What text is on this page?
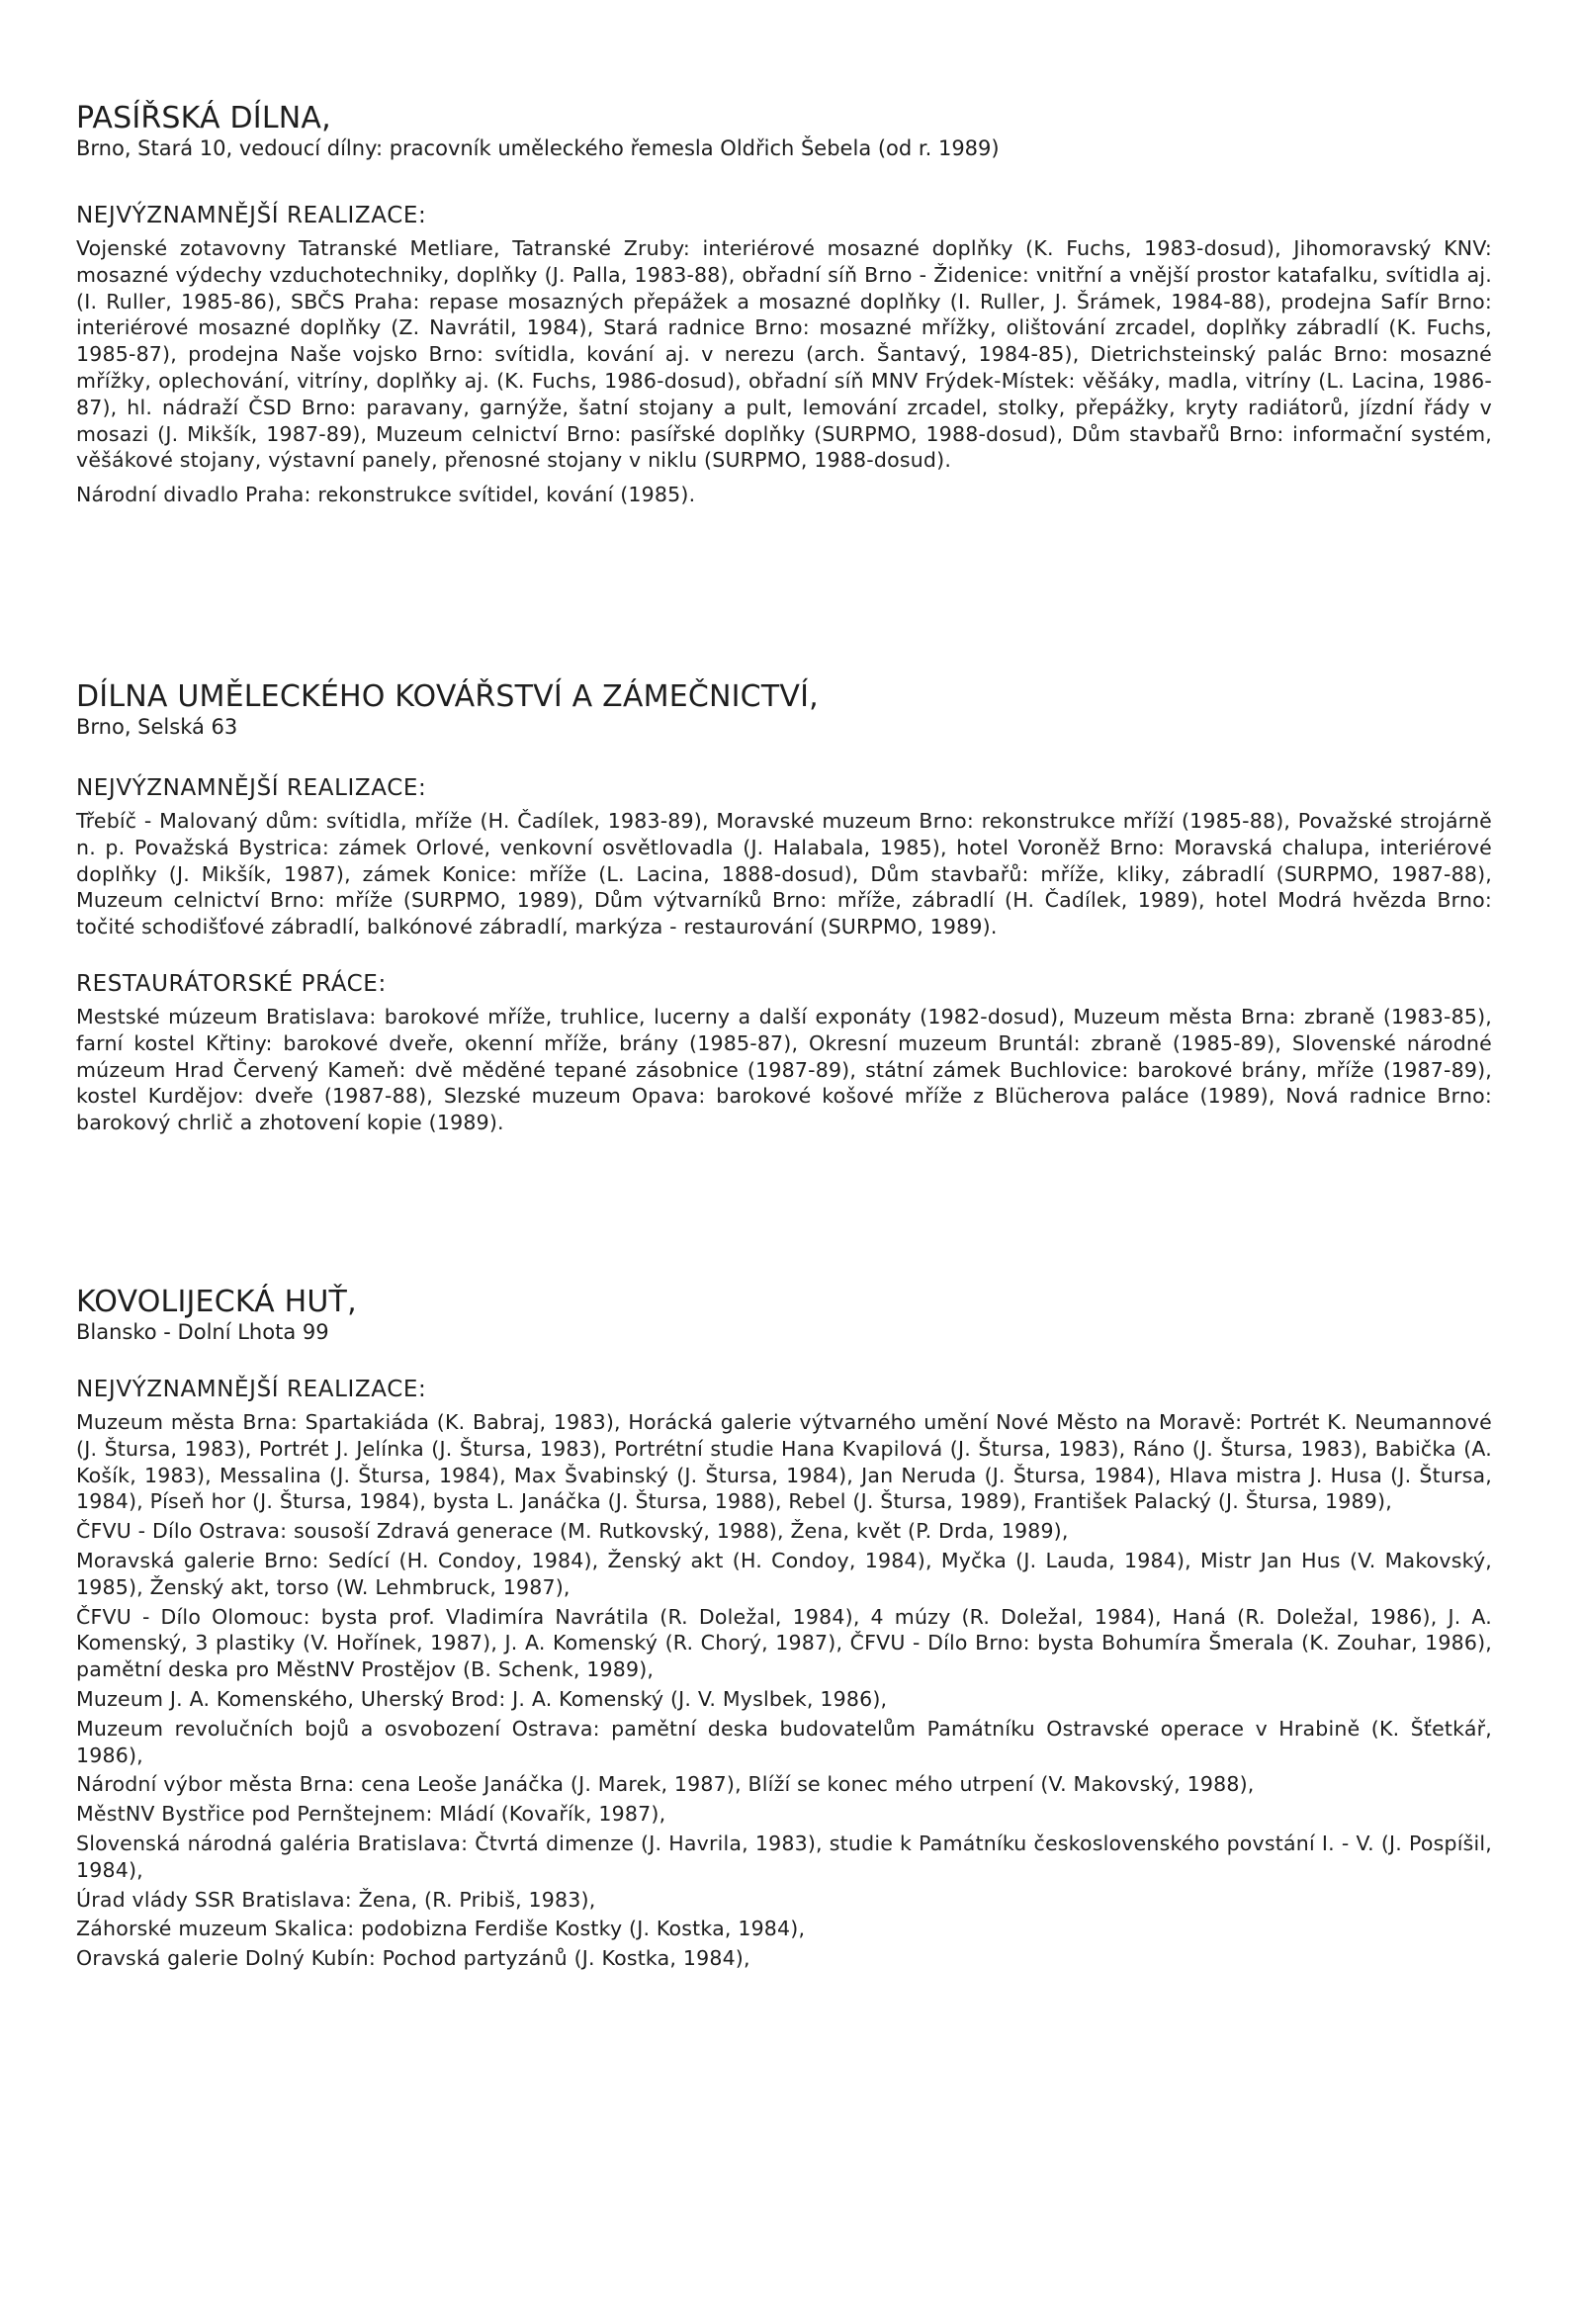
PASÍŘSKÁ DÍLNA,

Brno, Stará 10, vedoucí dílny: pracovník uměleckého řemesla Oldřich Šebela (od r. 1989)

NEJVÝZNAMNĚJŠÍ REALIZACE:

Vojenské zotavovny Tatranské Metliare, Tatranské Zruby: interiérové mosazné doplňky (K. Fuchs, 1983-dosud), Jihomoravský KNV: mosazné výdechy vzduchotechniky, doplňky (J. Palla, 1983-88), obřadní síň Brno - Židenice: vnitřní a vnější prostor katafalku, svítidla aj. (I. Ruller, 1985-86), SBČS Praha: repase mosazných přepážek a mosazné doplňky (I. Ruller, J. Šrámek, 1984-88), prodejna Safír Brno: interiérové mosazné doplňky (Z. Navrátil, 1984), Stará radnice Brno: mosazné mřížky, olištování zrcadel, doplňky zábradlí (K. Fuchs, 1985-87), prodejna Naše vojsko Brno: svítidla, kování aj. v nerezu (arch. Šantavý, 1984-85), Dietrichsteinský palác Brno: mosazné mřížky, oplechování, vitríny, doplňky aj. (K. Fuchs, 1986-dosud), obřadní síň MNV Frýdek-Místek: věšáky, madla, vitríny (L. Lacina, 1986-87), hl. nádraží ČSD Brno: paravany, garnýže, šatní stojany a pult, lemování zrcadel, stolky, přepážky, kryty radiátorů, jízdní řády v mosazi (J. Mikšík, 1987-89), Muzeum celnictví Brno: pasířské doplňky (SURPMO, 1988-dosud), Dům stavbařů Brno: informační systém, věšákové stojany, výstavní panely, přenosné stojany v niklu (SURPMO, 1988-dosud).

Národní divadlo Praha: rekonstrukce svítidel, kování (1985).

DÍLNA UMĚLECKÉHO KOVÁŘSTVÍ A ZÁMEČNICTVÍ,

Brno, Selská 63

NEJVÝZNAMNĚJŠÍ REALIZACE:

Třebíč - Malovaný dům: svítidla, mříže (H. Čadílek, 1983-89), Moravské muzeum Brno: rekonstrukce mříží (1985-88), Považské strojárně n. p. Považská Bystrica: zámek Orlové, venkovní osvětlovadla (J. Halabala, 1985), hotel Voroněž Brno: Moravská chalupa, interiérové doplňky (J. Mikšík, 1987), zámek Konice: mříže (L. Lacina, 1888-dosud), Dům stavbařů: mříže, kliky, zábradlí (SURPMO, 1987-88), Muzeum celnictví Brno: mříže (SURPMO, 1989), Dům výtvarníků Brno: mříže, zábradlí (H. Čadílek, 1989), hotel Modrá hvězda Brno: točité schodišťové zábradlí, balkónové zábradlí, markýza - restaurování (SURPMO, 1989).

RESTAURÁTORSKÉ PRÁCE:

Mestské múzeum Bratislava: barokové mříže, truhlice, lucerny a další exponáty (1982-dosud), Muzeum města Brna: zbraně (1983-85), farní kostel Křtiny: barokové dveře, okenní mříže, brány (1985-87), Okresní muzeum Bruntál: zbraně (1985-89), Slovenské národné múzeum Hrad Červený Kameň: dvě měděné tepané zásobnice (1987-89), státní zámek Buchlovice: barokové brány, mříže (1987-89), kostel Kurdějov: dveře (1987-88), Slezské muzeum Opava: barokové košové mříže z Blücherova paláce (1989), Nová radnice Brno: barokový chrlič a zhotovení kopie (1989).

KOVOLIJECKÁ HUŤ,

Blansko - Dolní Lhota 99

NEJVÝZNAMNĚJŠÍ REALIZACE:

Muzeum města Brna: Spartakiáda (K. Babraj, 1983), Horácká galerie výtvarného umění Nové Město na Moravě: Portrét K. Neumannové (J. Štursa, 1983), Portrét J. Jelínka (J. Štursa, 1983), Portrétní studie Hana Kvapilová (J. Štursa, 1983), Ráno (J. Štursa, 1983), Babička (A. Košík, 1983), Messalina (J. Štursa, 1984), Max Švabinský (J. Štursa, 1984), Jan Neruda (J. Štursa, 1984), Hlava mistra J. Husa (J. Štursa, 1984), Píseň hor (J. Štursa, 1984), bysta L. Janáčka (J. Štursa, 1988), Rebel (J. Štursa, 1989), František Palacký (J. Štursa, 1989),
ČFVU - Dílo Ostrava: sousoší Zdravá generace (M. Rutkovský, 1988), Žena, květ (P. Drda, 1989),
Moravská galerie Brno: Sedící (H. Condoy, 1984), Ženský akt (H. Condoy, 1984), Myčka (J. Lauda, 1984), Mistr Jan Hus (V. Makovský, 1985), Ženský akt, torso (W. Lehmbruck, 1987),
ČFVU - Dílo Olomouc: bysta prof. Vladimíra Navrátila (R. Doležal, 1984), 4 múzy (R. Doležal, 1984), Haná (R. Doležal, 1986), J. A. Komenský, 3 plastiky (V. Hořínek, 1987), J. A. Komenský (R. Chorý, 1987), ČFVU - Dílo Brno: bysta Bohumíra Šmerala (K. Zouhar, 1986), pamětní deska pro MěstNV Prostějov (B. Schenk, 1989),
Muzeum J. A. Komenského, Uherský Brod: J. A. Komenský (J. V. Myslbek, 1986),
Muzeum revolučních bojů a osvobození Ostrava: pamětní deska budovatelům Památníku Ostravské operace v Hrabině (K. Šťetkář, 1986),
Národní výbor města Brna: cena Leoše Janáčka (J. Marek, 1987), Blíží se konec mého utrpení (V. Makovský, 1988),
MěstNV Bystřice pod Pernštejnem: Mládí (Kovařík, 1987),
Slovenská národná galéria Bratislava: Čtvrtá dimenze (J. Havrila, 1983), studie k Památníku československého povstání I. - V. (J. Pospíšil, 1984),
Úrad vlády SSR Bratislava: Žena, (R. Pribiš, 1983),
Záhorské muzeum Skalica: podobizna Ferdiše Kostky (J. Kostka, 1984),
Oravská galerie Dolný Kubín: Pochod partyzánů (J. Kostka, 1984),
